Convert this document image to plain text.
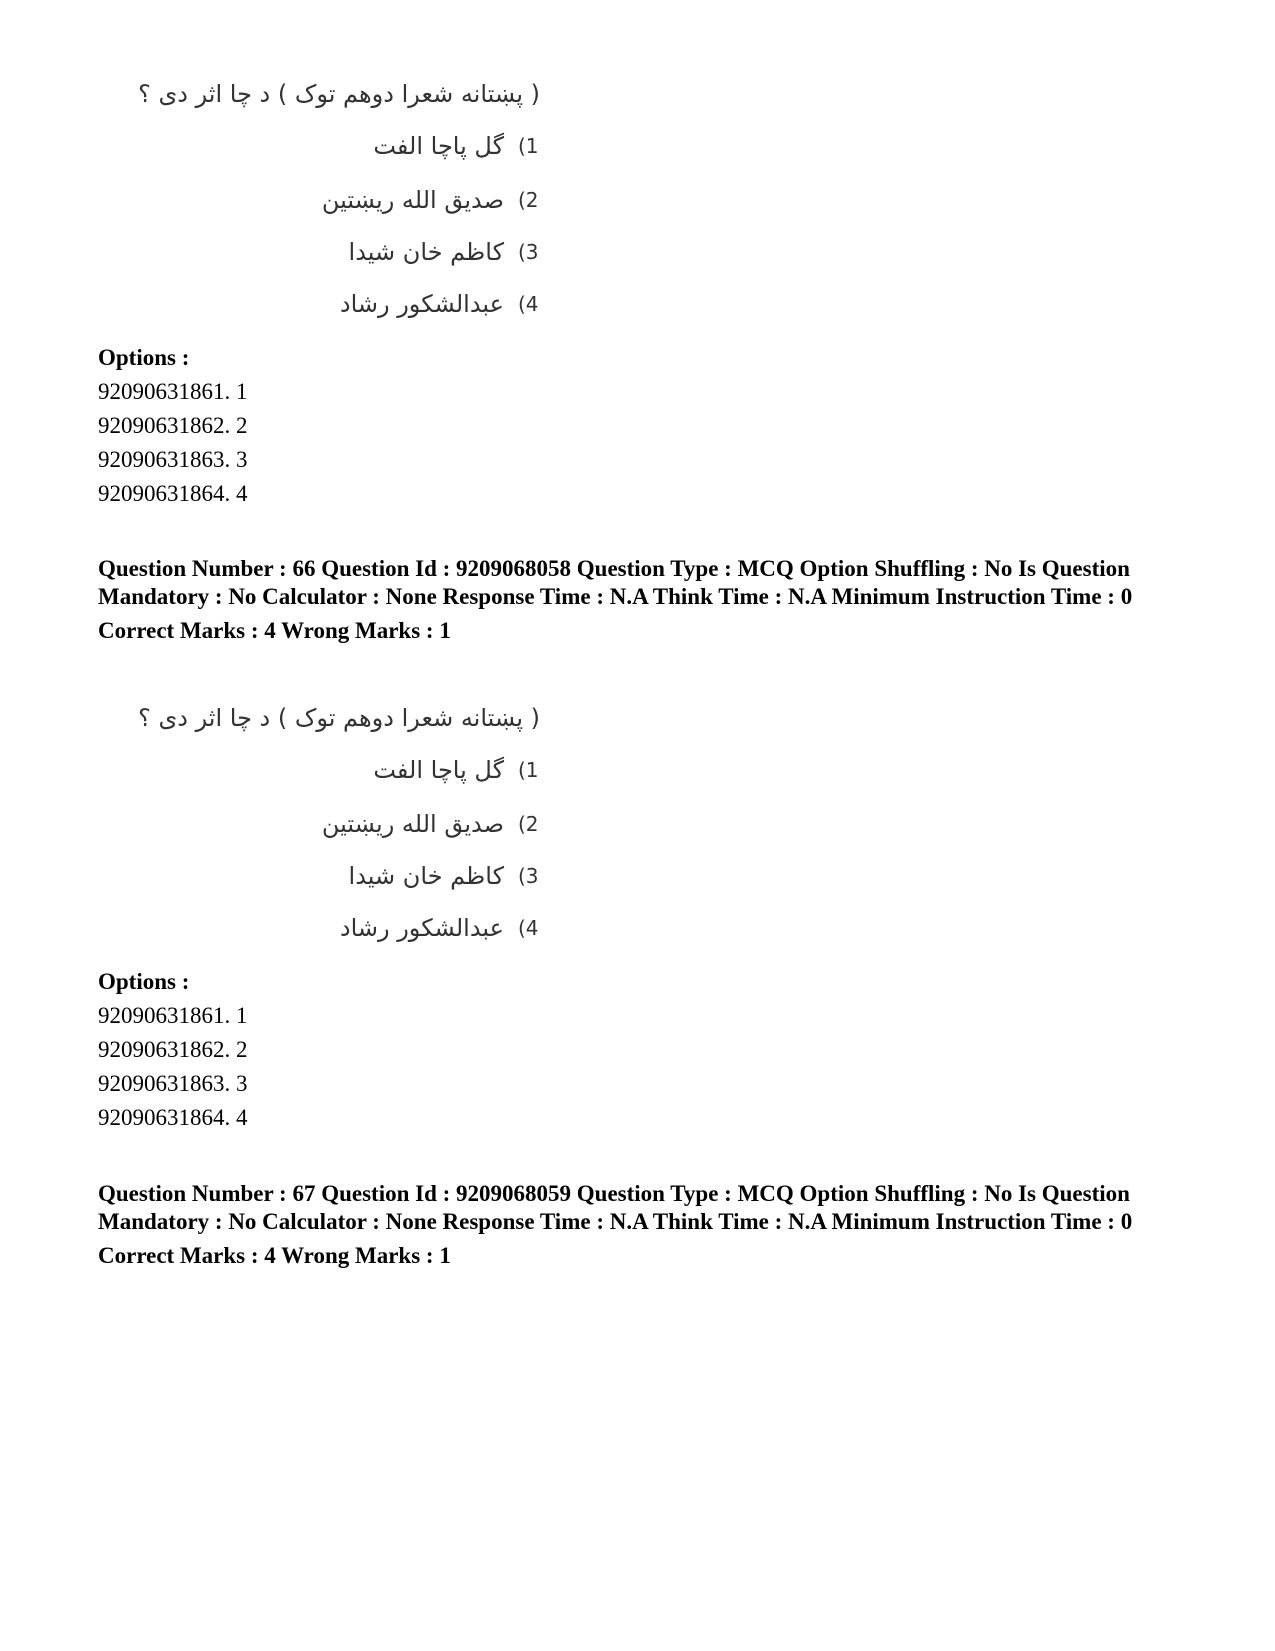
( پښتانه شعرا دوهم توک ) د چا اثر دی ؟
گل پاچا الفت (1
صدیق الله ریښتین (2
کاظم خان شیدا (3
عبدالشکور رشاد (4
Options :
92090631861. 1
92090631862. 2
92090631863. 3
92090631864. 4

Question Number : 66 Question Id : 9209068058 Question Type : MCQ Option Shuffling : No Is Question Mandatory : No Calculator : None Response Time : N.A Think Time : N.A Minimum Instruction Time : 0

Correct Marks : 4 Wrong Marks : 1
( پښتانه شعرا دوهم توک ) د چا اثر دی ؟
گل پاچا الفت (1
صدیق الله ریښتین (2
کاظم خان شیدا (3
عبدالشکور رشاد (4
Options :
92090631861. 1
92090631862. 2
92090631863. 3
92090631864. 4

Question Number : 67 Question Id : 9209068059 Question Type : MCQ Option Shuffling : No Is Question Mandatory : No Calculator : None Response Time : N.A Think Time : N.A Minimum Instruction Time : 0

Correct Marks : 4 Wrong Marks : 1
